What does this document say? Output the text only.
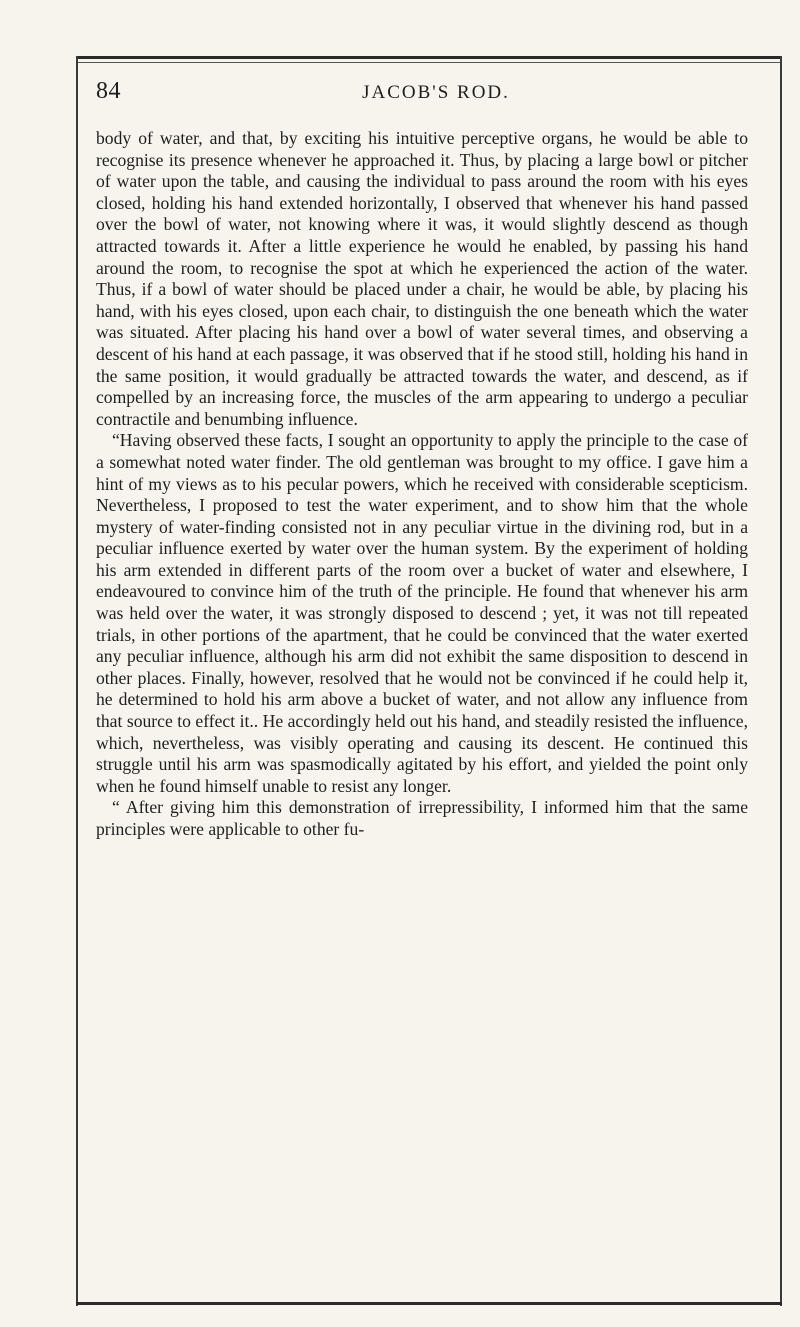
84	JACOB'S ROD.

body of water, and that, by exciting his intuitive perceptive organs, he would be able to recognise its presence whenever he approached it. Thus, by placing a large bowl or pitcher of water upon the table, and causing the individual to pass around the room with his eyes closed, holding his hand extended horizontally, I observed that whenever his hand passed over the bowl of water, not knowing where it was, it would slightly descend as though attracted towards it. After a little experience he would he enabled, by passing his hand around the room, to recognise the spot at which he experienced the action of the water. Thus, if a bowl of water should be placed under a chair, he would be able, by placing his hand, with his eyes closed, upon each chair, to distinguish the one beneath which the water was situated. After placing his hand over a bowl of water several times, and observing a descent of his hand at each passage, it was observed that if he stood still, holding his hand in the same position, it would gradually be attracted towards the water, and descend, as if compelled by an increasing force, the muscles of the arm appearing to undergo a peculiar contractile and benumbing influence.

“Having observed these facts, I sought an opportunity to apply the principle to the case of a somewhat noted water finder. The old gentleman was brought to my office. I gave him a hint of my views as to his pecular powers, which he received with considerable scepticism. Nevertheless, I proposed to test the water experiment, and to show him that the whole mystery of water-finding consisted not in any peculiar virtue in the divining rod, but in a peculiar influence exerted by water over the human system. By the experiment of holding his arm extended in different parts of the room over a bucket of water and elsewhere, I endeavoured to convince him of the truth of the principle. He found that whenever his arm was held over the water, it was strongly disposed to descend ; yet, it was not till repeated trials, in other portions of the apartment, that he could be convinced that the water exerted any peculiar influence, although his arm did not exhibit the same disposition to descend in other places. Finally, however, resolved that he would not be convinced if he could help it, he determined to hold his arm above a bucket of water, and not allow any influence from that source to effect it.. He accordingly held out his hand, and steadily resisted the influence, which, nevertheless, was visibly operating and causing its descent. He continued this struggle until his arm was spasmodically agitated by his effort, and yielded the point only when he found himself unable to resist any longer.

“ After giving him this demonstration of irrepressibility, I informed him that the same principles were applicable to other fu-
